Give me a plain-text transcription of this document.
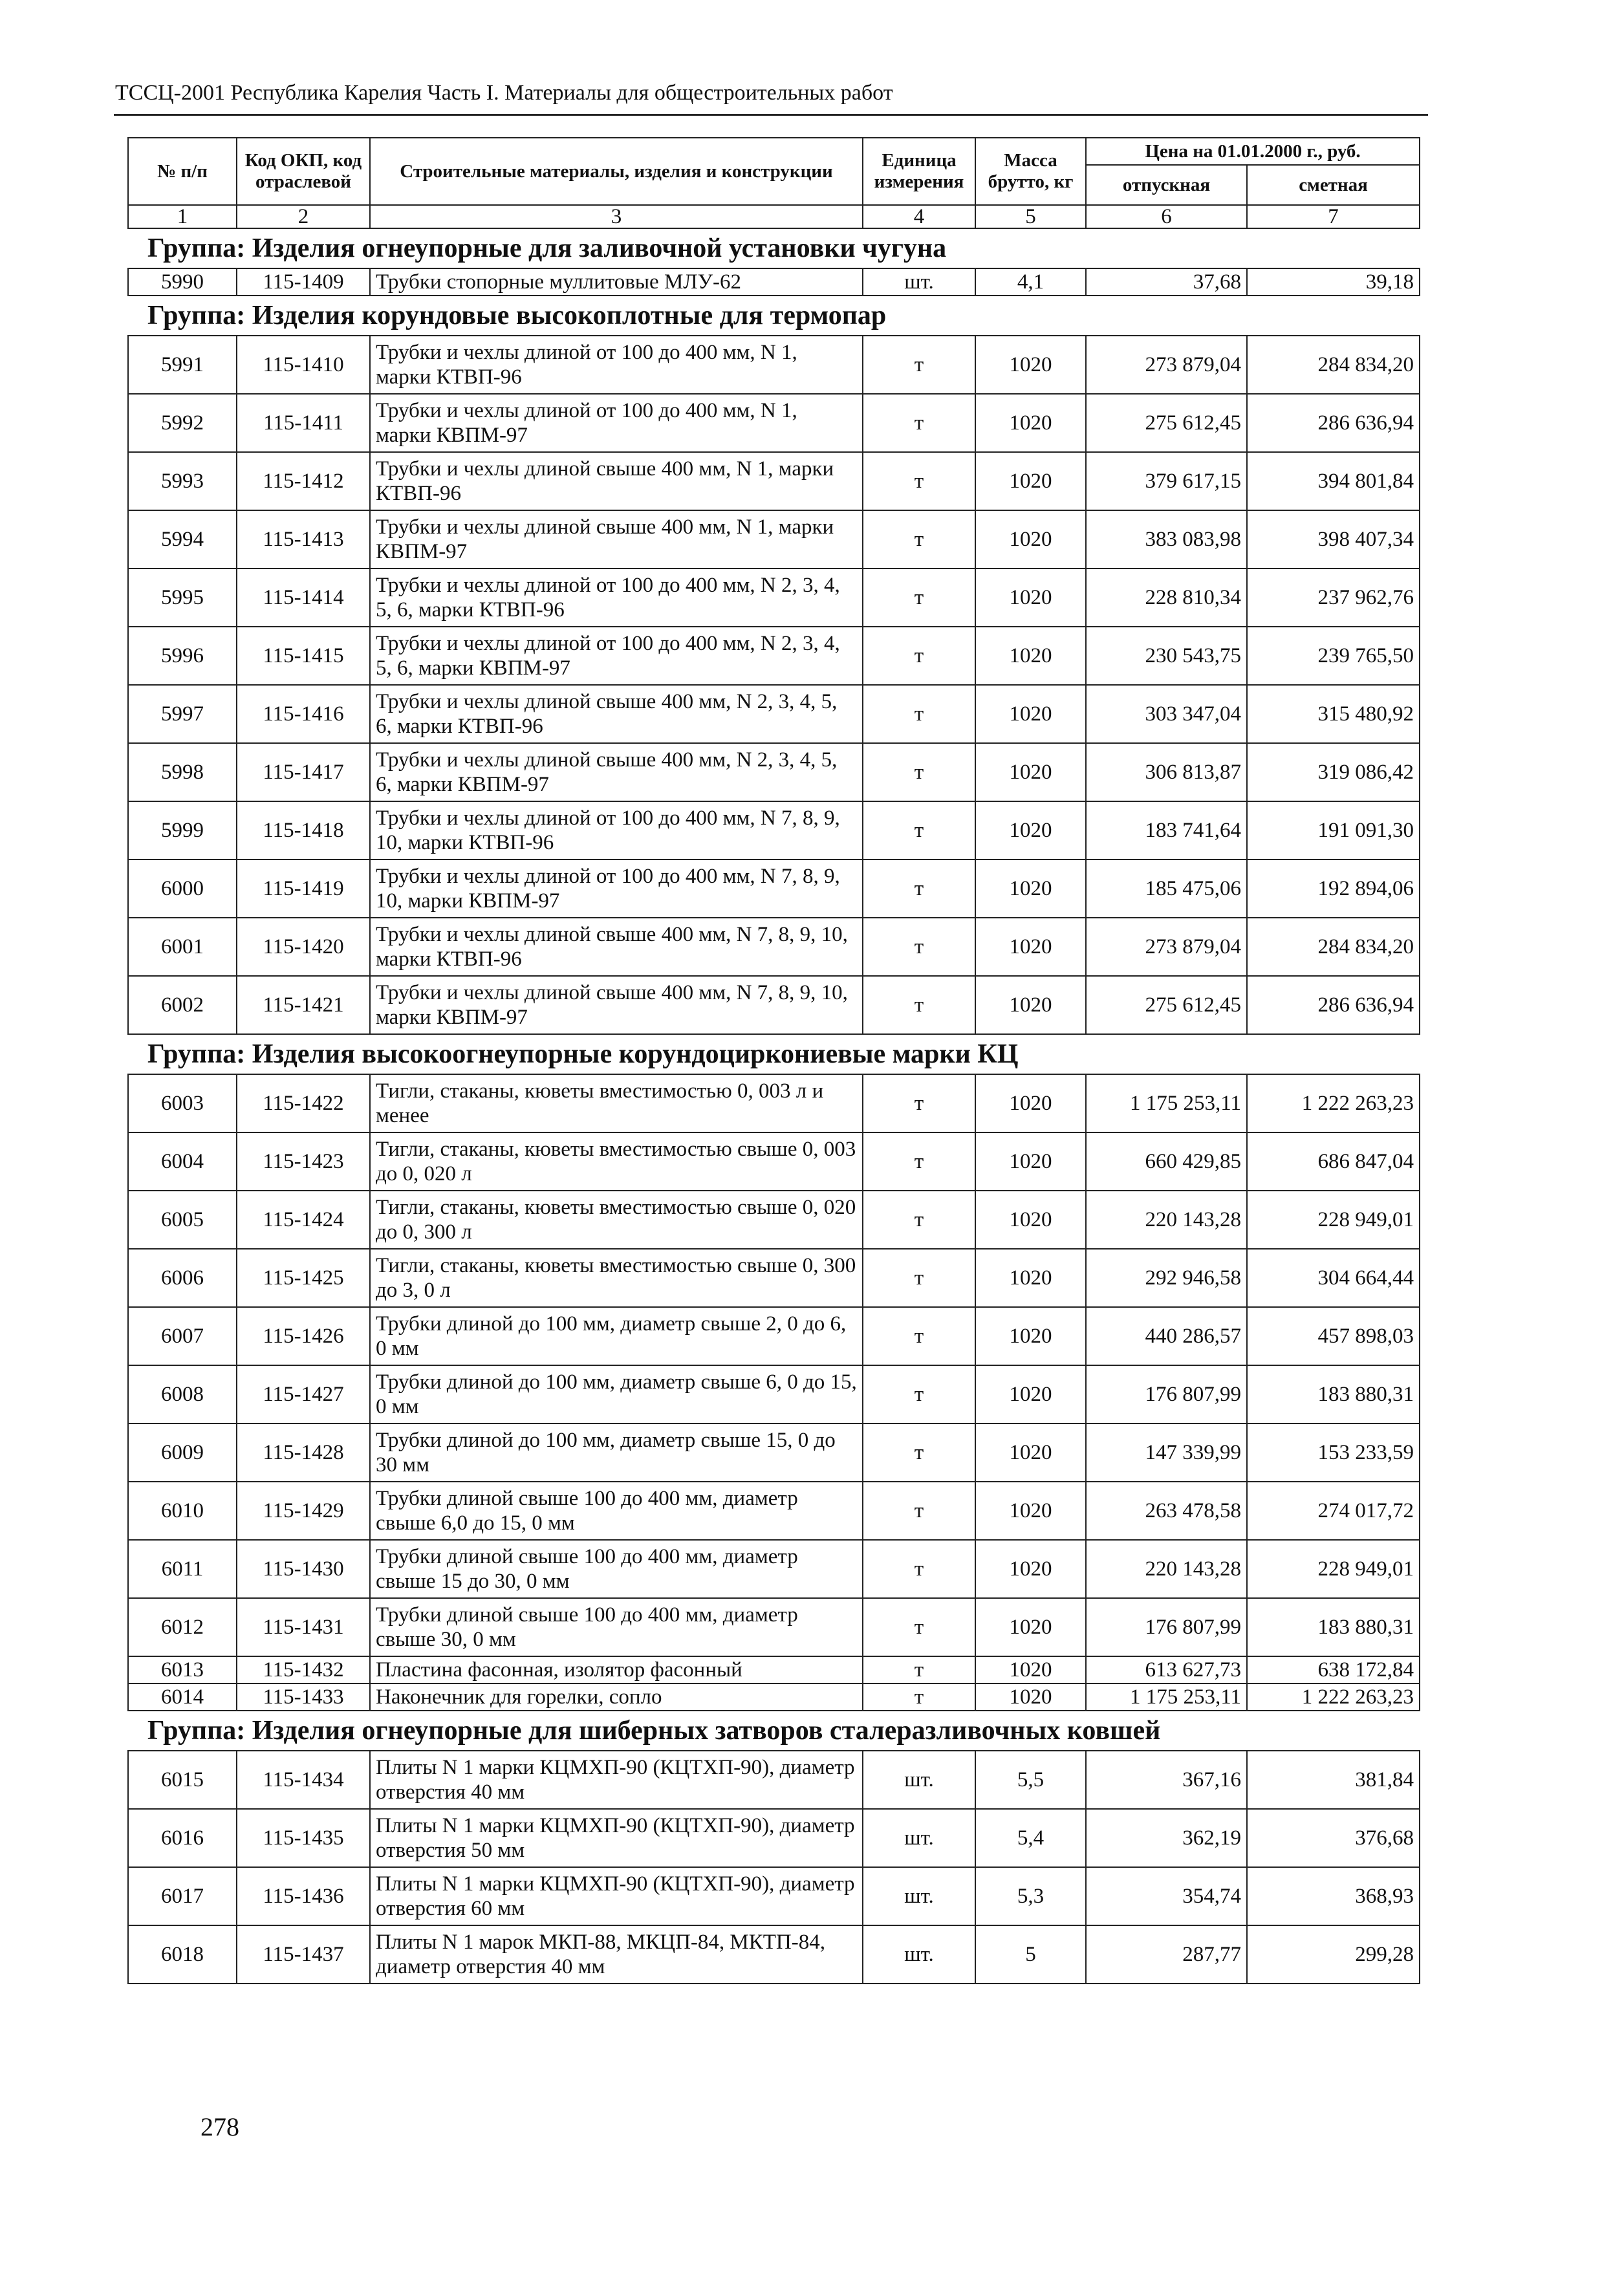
ТССЦ-2001 Республика Карелия Часть I. Материалы для общестроительных работ
№ п/п	Код ОКП, код отраслевой	Строительные материалы, изделия и конструкции	Единица измерения	Масса брутто, кг	Цена на 01.01.2000 г., руб.	
					отпускная	сметная
1	2	3	4	5	6	7
Группа: Изделия огнеупорные для заливочной установки чугуна						
5990	115-1409	Трубки стопорные муллитовые МЛУ-62	шт.	4,1	37,68	39,18
Группа: Изделия корундовые высокоплотные для термопар						
5991	115-1410	Трубки и чехлы длиной от 100 до 400 мм, N 1, марки КТВП-96	т	1020	273 879,04	284 834,20
5992	115-1411	Трубки и чехлы длиной от 100 до 400 мм, N 1, марки КВПМ-97	т	1020	275 612,45	286 636,94
5993	115-1412	Трубки и чехлы длиной свыше 400 мм, N 1, марки КТВП-96	т	1020	379 617,15	394 801,84
5994	115-1413	Трубки и чехлы длиной свыше 400 мм, N 1, марки КВПМ-97	т	1020	383 083,98	398 407,34
5995	115-1414	Трубки и чехлы длиной от 100 до 400 мм, N 2, 3, 4, 5, 6, марки КТВП-96	т	1020	228 810,34	237 962,76
5996	115-1415	Трубки и чехлы длиной от 100 до 400 мм, N 2, 3, 4, 5, 6, марки КВПМ-97	т	1020	230 543,75	239 765,50
5997	115-1416	Трубки и чехлы длиной свыше 400 мм, N 2, 3, 4, 5, 6, марки КТВП-96	т	1020	303 347,04	315 480,92
5998	115-1417	Трубки и чехлы длиной свыше 400 мм, N 2, 3, 4, 5, 6, марки КВПМ-97	т	1020	306 813,87	319 086,42
5999	115-1418	Трубки и чехлы длиной от 100 до 400 мм, N 7, 8, 9, 10, марки КТВП-96	т	1020	183 741,64	191 091,30
6000	115-1419	Трубки и чехлы длиной от 100 до 400 мм, N 7, 8, 9, 10, марки КВПМ-97	т	1020	185 475,06	192 894,06
6001	115-1420	Трубки и чехлы длиной свыше 400 мм, N 7, 8, 9, 10, марки КТВП-96	т	1020	273 879,04	284 834,20
6002	115-1421	Трубки и чехлы длиной свыше 400 мм, N 7, 8, 9, 10, марки КВПМ-97	т	1020	275 612,45	286 636,94
Группа: Изделия высокоогнеупорные корундоциркониевые марки КЦ						
6003	115-1422	Тигли, стаканы, кюветы вместимостью 0, 003 л и менее	т	1020	1 175 253,11	1 222 263,23
6004	115-1423	Тигли, стаканы, кюветы вместимостью свыше 0, 003 до 0, 020 л	т	1020	660 429,85	686 847,04
6005	115-1424	Тигли, стаканы, кюветы вместимостью свыше 0, 020 до 0, 300 л	т	1020	220 143,28	228 949,01
6006	115-1425	Тигли, стаканы, кюветы вместимостью свыше 0, 300 до 3, 0 л	т	1020	292 946,58	304 664,44
6007	115-1426	Трубки длиной до 100 мм, диаметр свыше 2, 0 до 6, 0 мм	т	1020	440 286,57	457 898,03
6008	115-1427	Трубки длиной до 100 мм, диаметр свыше 6, 0 до 15, 0 мм	т	1020	176 807,99	183 880,31
6009	115-1428	Трубки длиной до 100 мм, диаметр свыше 15, 0 до 30 мм	т	1020	147 339,99	153 233,59
6010	115-1429	Трубки длиной свыше 100 до 400 мм, диаметр свыше 6,0 до 15, 0 мм	т	1020	263 478,58	274 017,72
6011	115-1430	Трубки длиной свыше 100 до 400 мм, диаметр свыше 15 до 30, 0 мм	т	1020	220 143,28	228 949,01
6012	115-1431	Трубки длиной свыше 100 до 400 мм, диаметр свыше 30, 0 мм	т	1020	176 807,99	183 880,31
6013	115-1432	Пластина фасонная, изолятор фасонный	т	1020	613 627,73	638 172,84
6014	115-1433	Наконечник для горелки, сопло	т	1020	1 175 253,11	1 222 263,23
Группа: Изделия огнеупорные для шиберных затворов сталеразливочных ковшей						
6015	115-1434	Плиты N 1 марки КЦМХП-90 (КЦТХП-90), диаметр отверстия 40 мм	шт.	5,5	367,16	381,84
6016	115-1435	Плиты N 1 марки КЦМХП-90 (КЦТХП-90), диаметр отверстия 50 мм	шт.	5,4	362,19	376,68
6017	115-1436	Плиты N 1 марки КЦМХП-90 (КЦТХП-90), диаметр отверстия 60 мм	шт.	5,3	354,74	368,93
6018	115-1437	Плиты N 1 марок МКП-88, МКЦП-84, МКТП-84, диаметр отверстия 40 мм	шт.	5	287,77	299,28
278
